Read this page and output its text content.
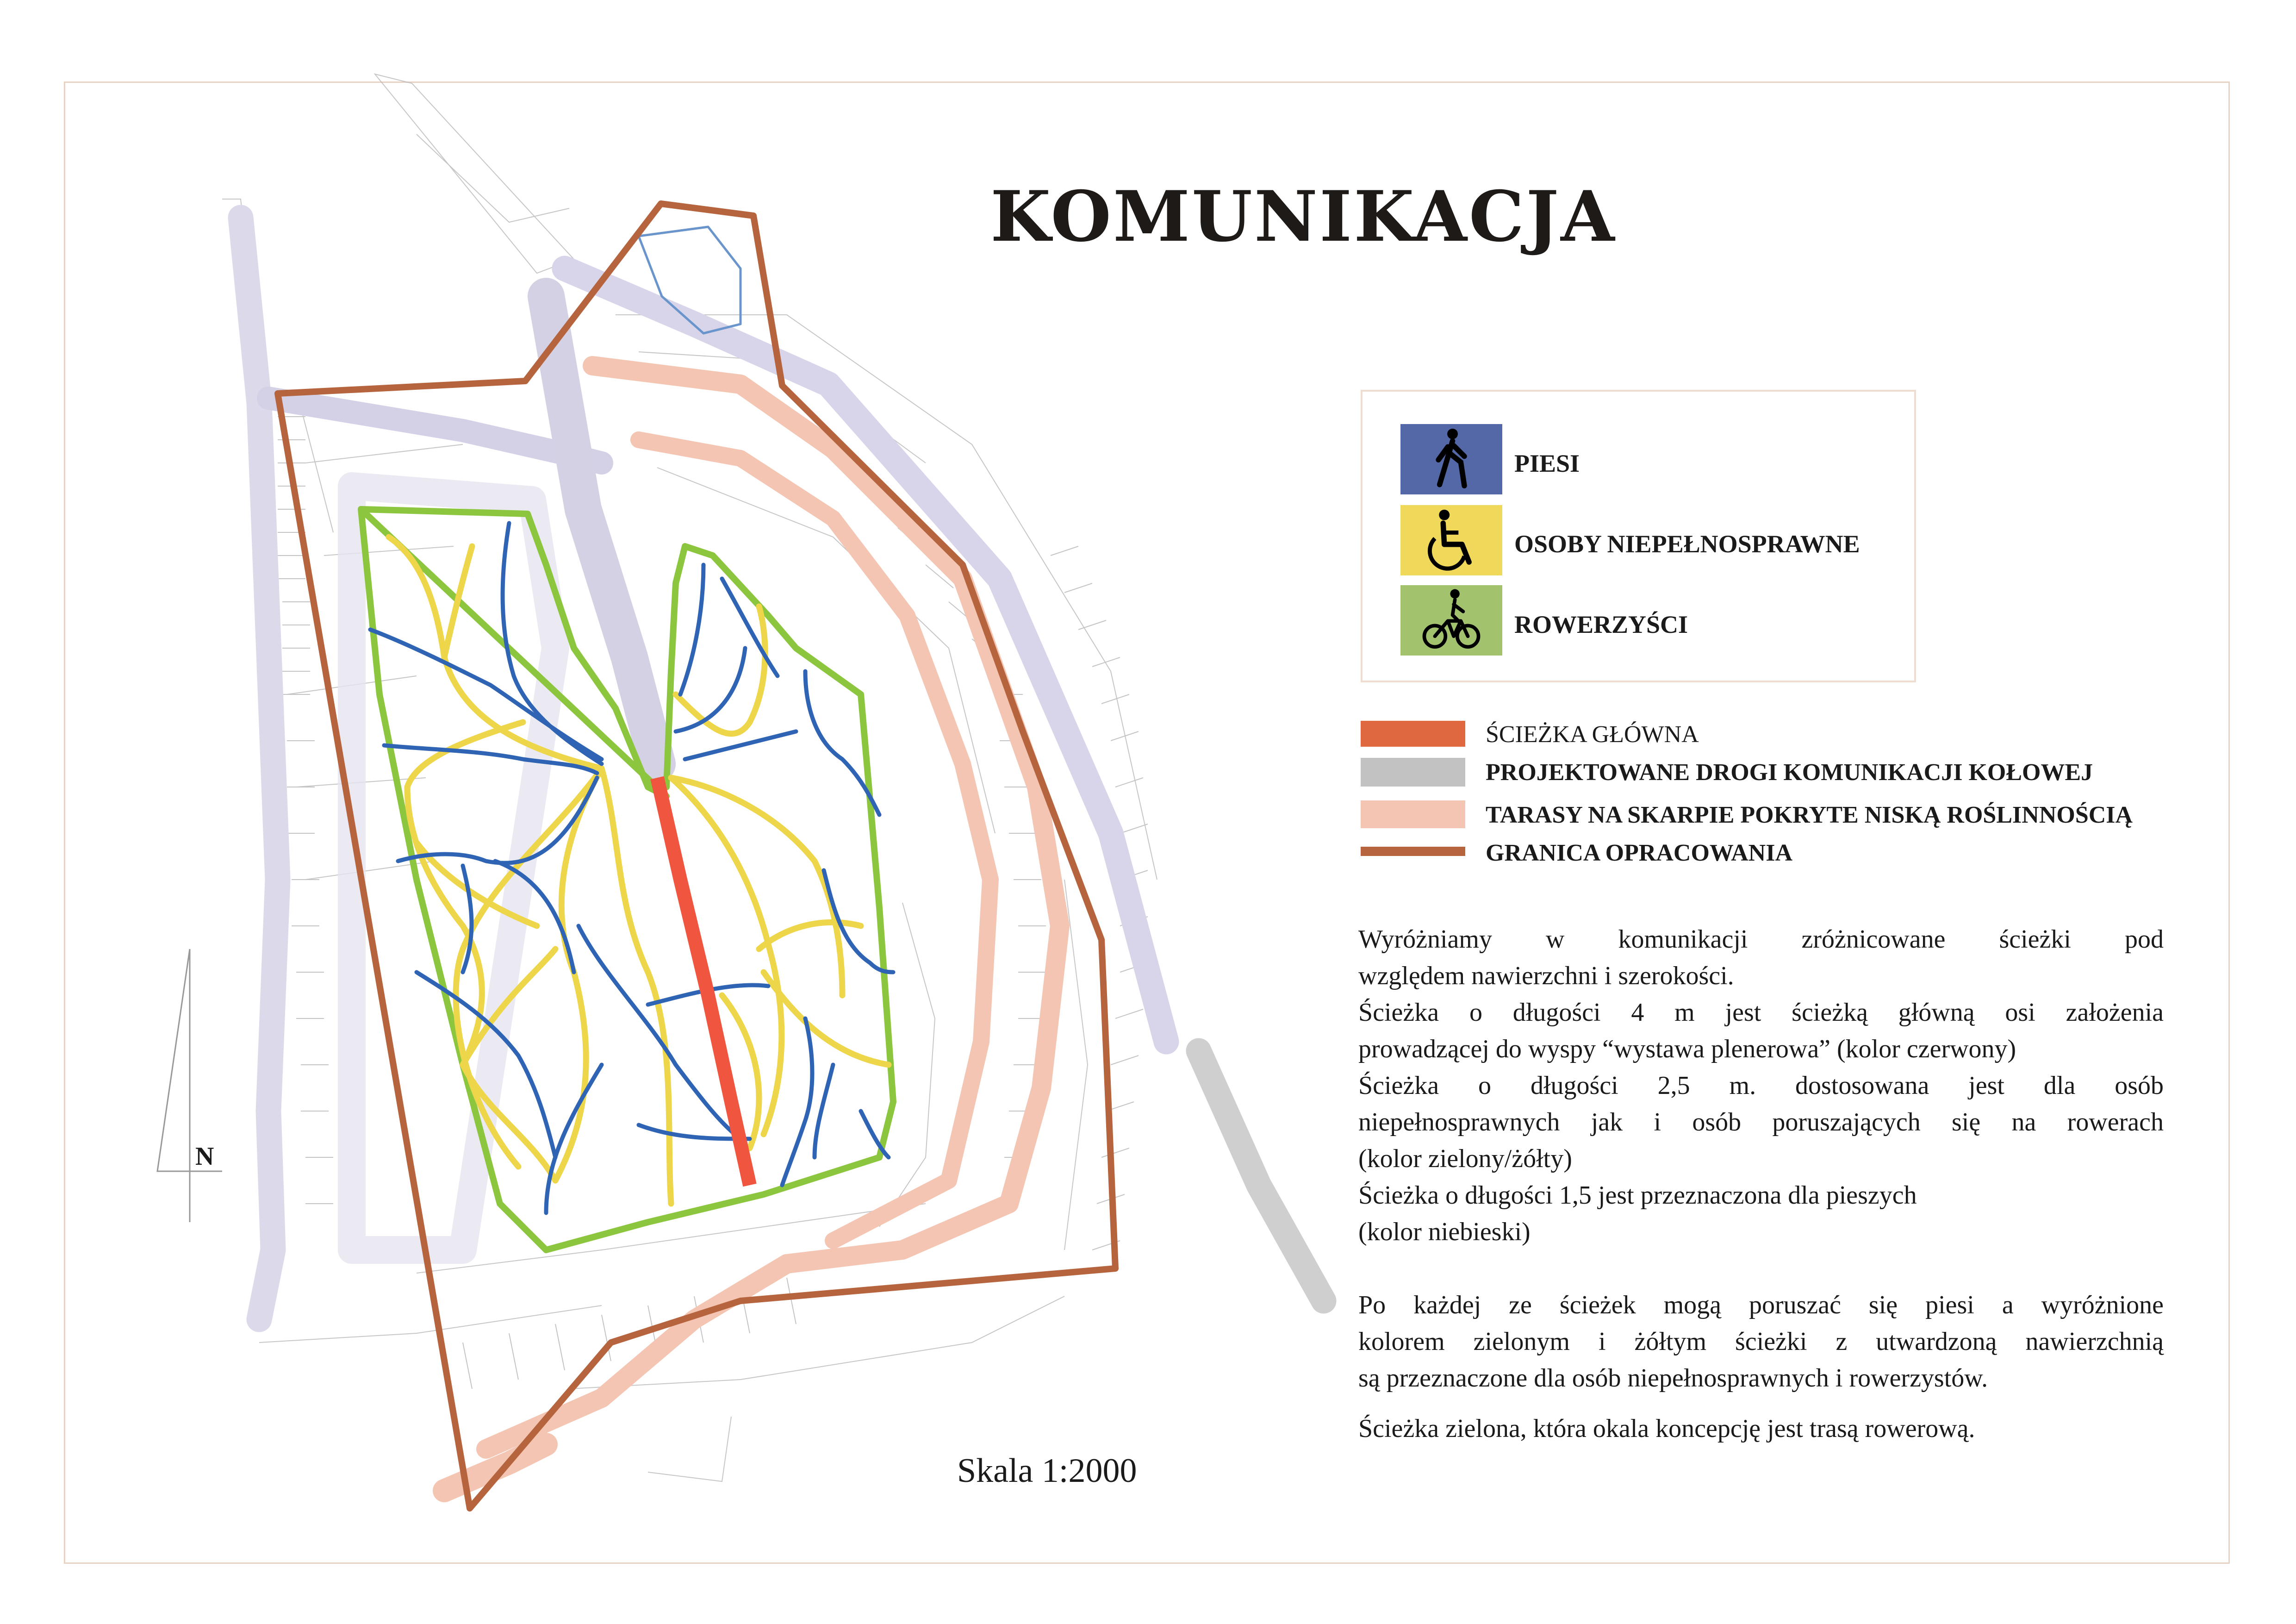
KOMUNIKACJA
PIESI
OSOBY NIEPEŁNOSPRAWNE
ROWERZYŚCI
ŚCIEŻKA GŁÓWNA
PROJEKTOWANE DROGI KOMUNIKACJI KOŁOWEJ
TARASY NA SKARPIE POKRYTE NISKĄ ROŚLINNOŚCIĄ
GRANICA OPRACOWANIA

Wyróżniamy w komunikacji zróżnicowane ścieżki pod

względem nawierzchni i szerokości.

Ścieżka o długości 4 m jest ścieżką główną osi założenia

prowadzącej do wyspy “wystawa plenerowa” (kolor czerwony)

Ścieżka o długości 2,5 m. dostosowana jest dla osób

niepełnosprawnych jak i osób poruszających się na rowerach

(kolor zielony/żółty)

Ścieżka o długości 1,5 jest przeznaczona dla pieszych

(kolor niebieski)

Po każdej ze ścieżek mogą poruszać się piesi a wyróżnione

kolorem zielonym i żółtym ścieżki z utwardzoną nawierzchnią

są przeznaczone dla osób niepełnosprawnych i rowerzystów.

Ścieżka zielona, która okala koncepcję jest trasą rowerową.

Skala 1:2000
N
